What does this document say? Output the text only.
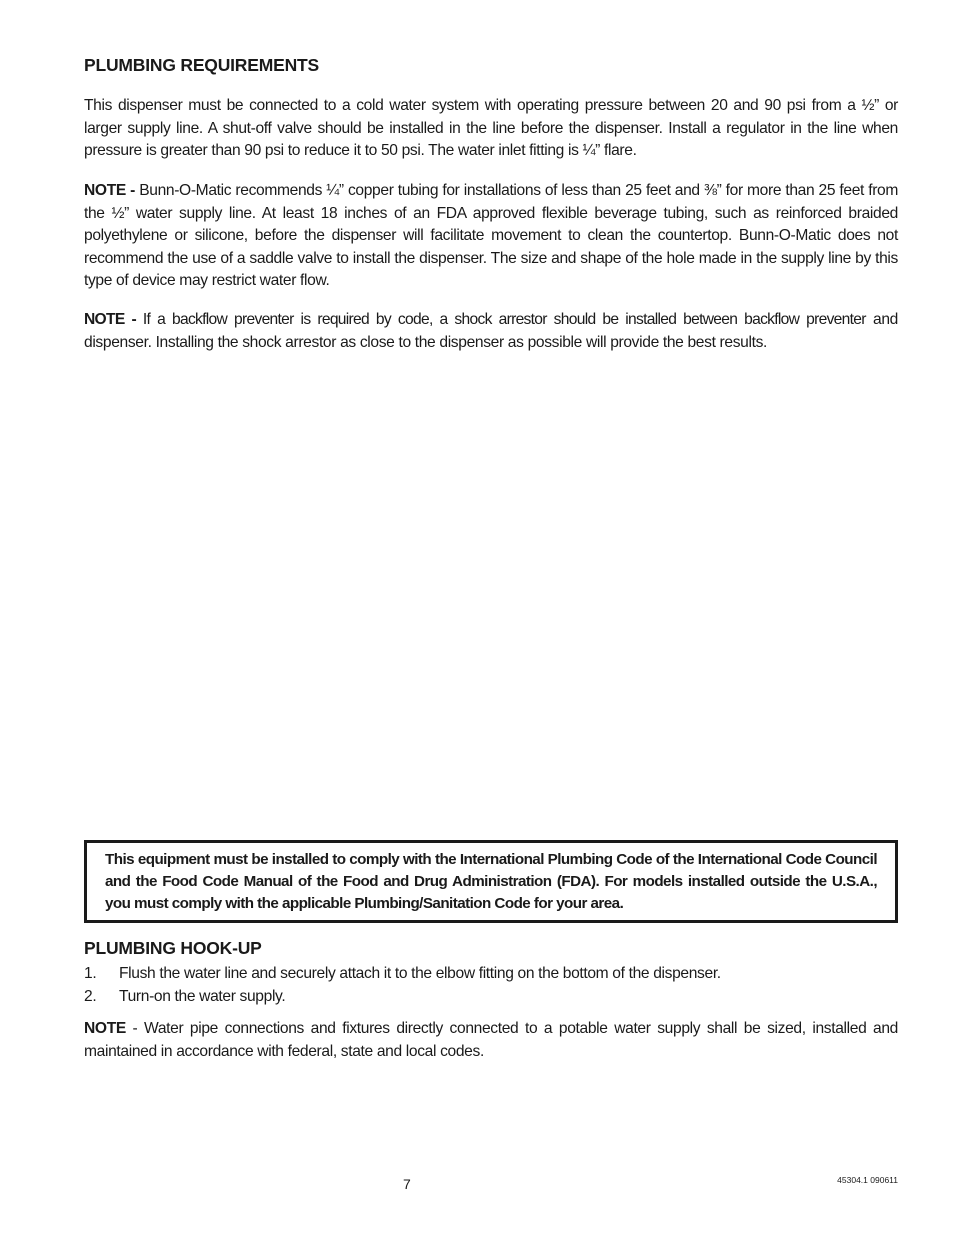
PLUMBING REQUIREMENTS

This dispenser must be connected to a cold water system with operating pressure between 20 and 90 psi from a ½” or larger supply line. A shut-off valve should be installed in the line before the dispenser. Install a regulator in the line when pressure is greater than 90 psi to reduce it to 50 psi. The water inlet fitting is ¼” flare.

NOTE - Bunn-O-Matic recommends ¼” copper tubing for installations of less than 25 feet and ⅜” for more than 25 feet from the ½” water supply line. At least 18 inches of an FDA approved flexible beverage tubing, such as reinforced braided polyethylene or silicone, before the dispenser will facilitate movement to clean the countertop. Bunn-O-Matic does not recommend the use of a saddle valve to install the dispenser. The size and shape of the hole made in the supply line by this type of device may restrict water flow.

NOTE - If a backflow preventer is required by code, a shock arrestor should be installed between backflow preventer and dispenser. Installing the shock arrestor as close to the dispenser as possible will provide the best results.

This equipment must be installed to comply with the International Plumbing Code of the International Code Council and the Food Code Manual of the Food and Drug Administration (FDA). For models installed outside the U.S.A., you must comply with the applicable Plumbing/Sanitation Code for your area.

PLUMBING HOOK-UP
1. Flush the water line and securely attach it to the elbow fitting on the bottom of the dispenser.
2. Turn-on the water supply.

NOTE - Water pipe connections and fixtures directly connected to a potable water supply shall be sized, installed and maintained in accordance with federal, state and local codes.

7	45304.1 090611
